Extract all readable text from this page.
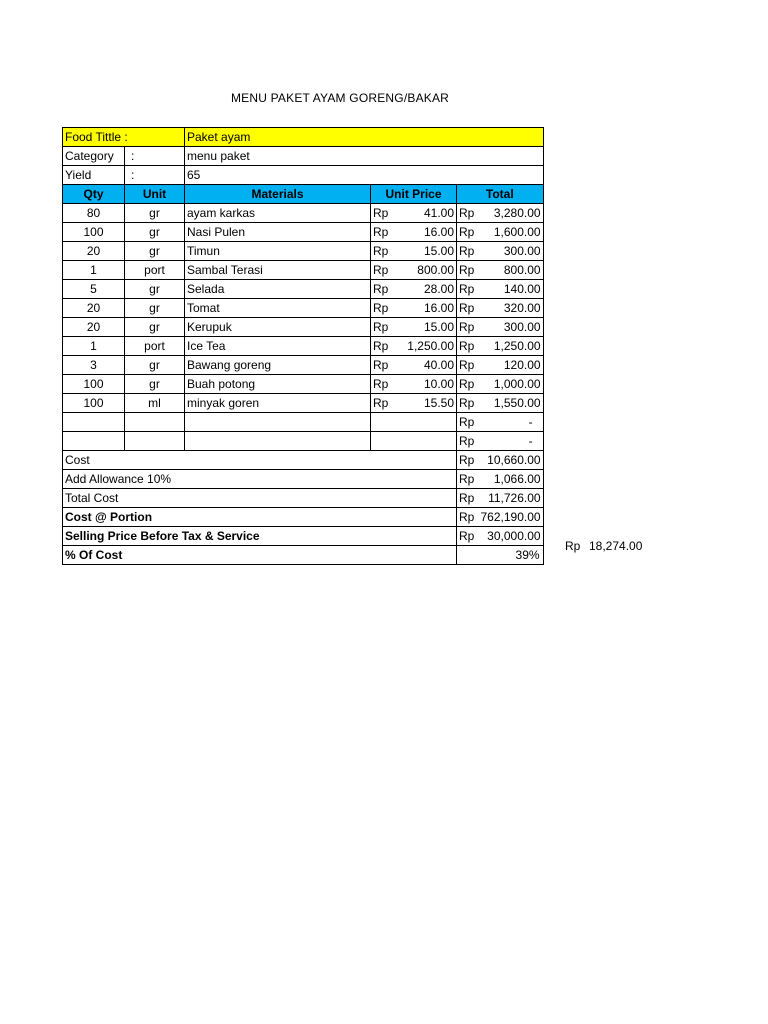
MENU PAKET AYAM GORENG/BAKAR
Food Tittle :		Paket ayam				
Category	:	menu paket				
Yield	:	65				
Qty	Unit	Materials	Unit Price		Total	
80	gr	ayam karkas	Rp	41.00	Rp	3,280.00
100	gr	Nasi Pulen	Rp	16.00	Rp	1,600.00
20	gr	Timun	Rp	15.00	Rp	300.00
1	port	Sambal Terasi	Rp	800.00	Rp	800.00
5	gr	Selada	Rp	28.00	Rp	140.00
20	gr	Tomat	Rp	16.00	Rp	320.00
20	gr	Kerupuk	Rp	15.00	Rp	300.00
1	port	Ice Tea	Rp	1,250.00	Rp	1,250.00
3	gr	Bawang goreng	Rp	40.00	Rp	120.00
100	gr	Buah potong	Rp	10.00	Rp	1,000.00
100	ml	minyak goren	Rp	15.50	Rp	1,550.00
					Rp	-
					Rp	-
Cost					Rp	10,660.00
Add Allowance 10%					Rp	1,066.00
Total Cost					Rp	11,726.00
Cost @ Portion					Rp	762,190.00
Selling Price Before Tax & Service					Rp	30,000.00
% Of Cost					39%	
Rp 18,274.00
